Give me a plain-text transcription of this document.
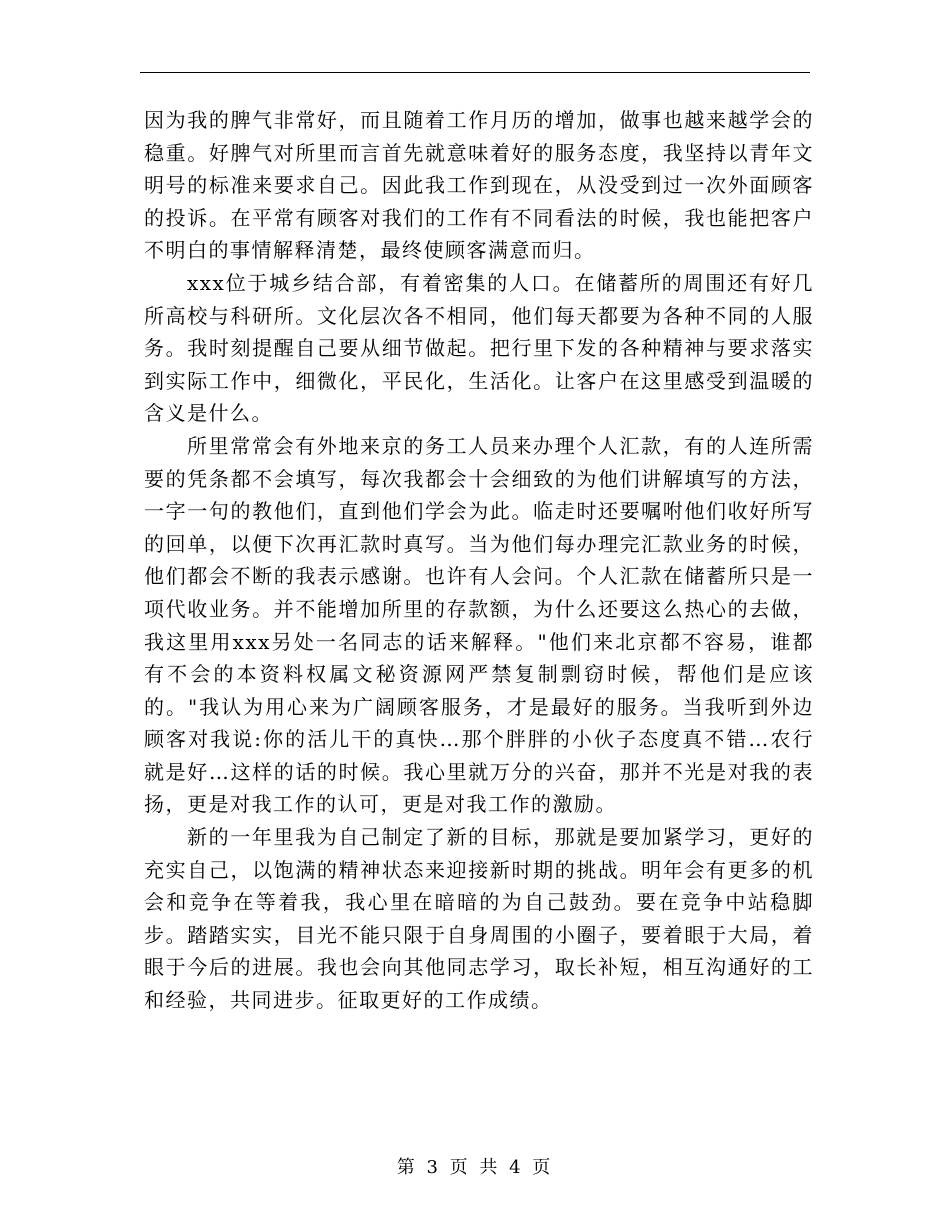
因为我的脾气非常好，而且随着工作月历的增加，做事也越来越学会的稳重。好脾气对所里而言首先就意味着好的服务态度，我坚持以青年文明号的标准来要求自己。因此我工作到现在，从没受到过一次外面顾客的投诉。在平常有顾客对我们的工作有不同看法的时候，我也能把客户不明白的事情解释清楚，最终使顾客满意而归。

xxx位于城乡结合部，有着密集的人口。在储蓄所的周围还有好几所高校与科研所。文化层次各不相同，他们每天都要为各种不同的人服务。我时刻提醒自己要从细节做起。把行里下发的各种精神与要求落实到实际工作中，细微化，平民化，生活化。让客户在这里感受到温暖的含义是什么。

所里常常会有外地来京的务工人员来办理个人汇款，有的人连所需要的凭条都不会填写，每次我都会十会细致的为他们讲解填写的方法，一字一句的教他们，直到他们学会为此。临走时还要嘱咐他们收好所写的回单，以便下次再汇款时真写。当为他们每办理完汇款业务的时候，他们都会不断的我表示感谢。也许有人会问。个人汇款在储蓄所只是一项代收业务。并不能增加所里的存款额，为什么还要这么热心的去做，我这里用xxx另处一名同志的话来解释。"他们来北京都不容易，谁都有不会的本资料权属文秘资源网严禁复制剽窃时候，帮他们是应该的。"我认为用心来为广阔顾客服务，才是最好的服务。当我听到外边顾客对我说:你的活儿干的真快…那个胖胖的小伙子态度真不错…农行就是好…这样的话的时候。我心里就万分的兴奋，那并不光是对我的表扬，更是对我工作的认可，更是对我工作的激励。

新的一年里我为自己制定了新的目标，那就是要加紧学习，更好的充实自己，以饱满的精神状态来迎接新时期的挑战。明年会有更多的机会和竞争在等着我，我心里在暗暗的为自己鼓劲。要在竞争中站稳脚步。踏踏实实，目光不能只限于自身周围的小圈子，要着眼于大局，着眼于今后的进展。我也会向其他同志学习，取长补短，相互沟通好的工和经验，共同进步。征取更好的工作成绩。

第 3 页 共 4 页
